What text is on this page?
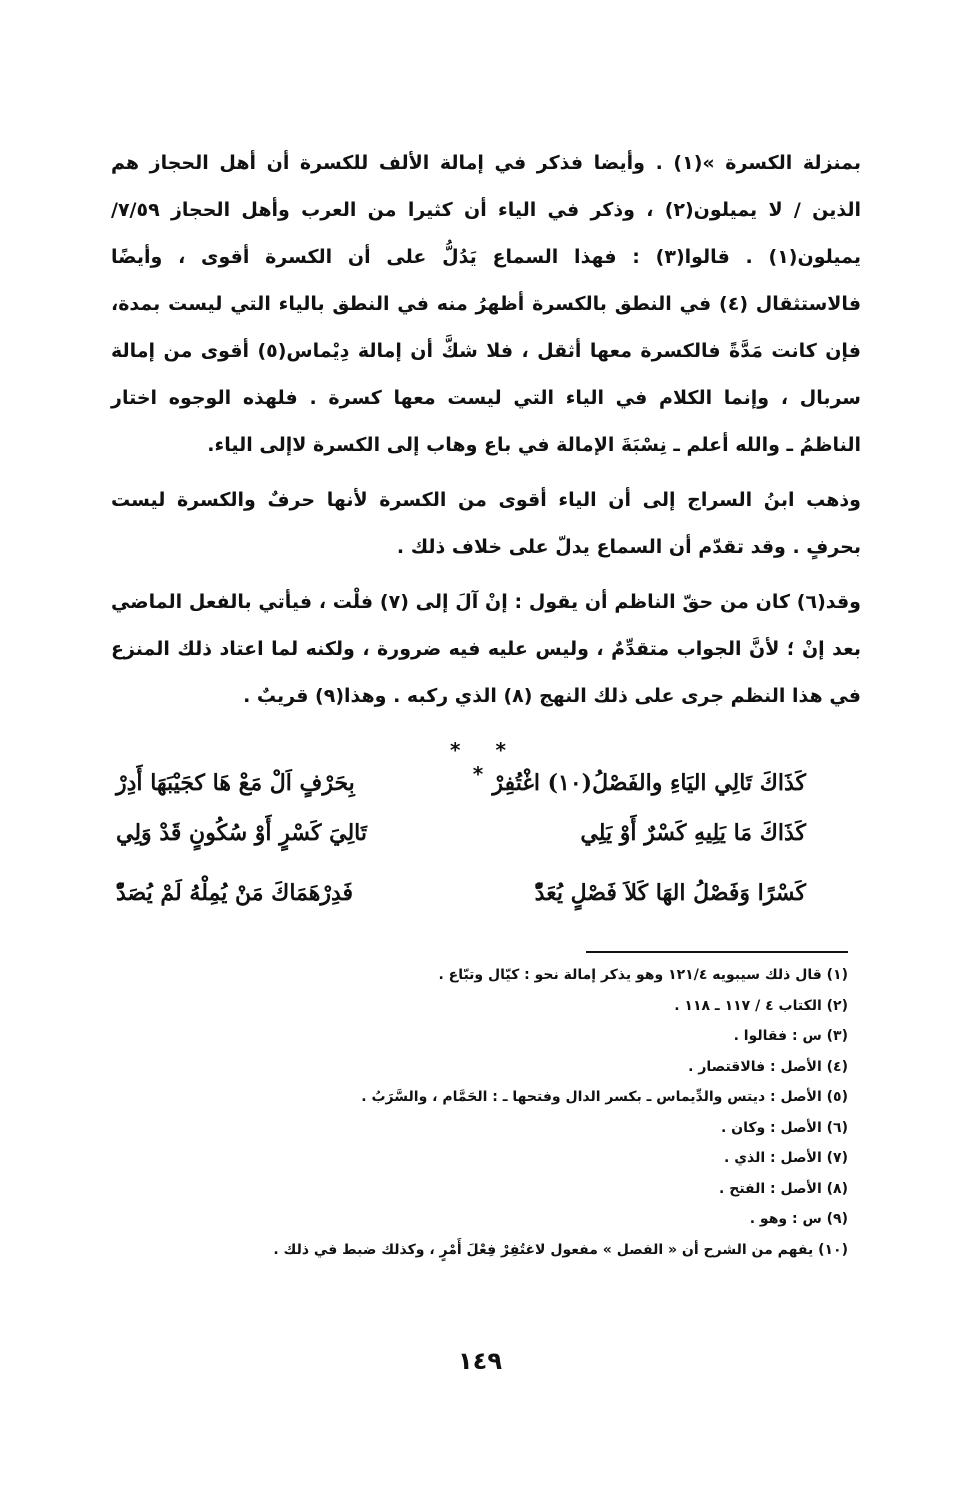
بمنزلة الكسرة »(١) . وأيضا فذكر في إمالة الألف للكسرة أن أهل الحجاز هم الذين / لا يميلون(٢) ، وذكر في الياء أن كثيرا من العرب وأهل الحجاز ٧/٥٩/ يميلون(١) . قالوا(٣) : فهذا السماع يَدُلُّ على أن الكسرة أقوى ، وأيضًا فالاستثقال (٤) في النطق بالكسرة أظهرُ منه في النطق بالياء التي ليست بمدة، فإن كانت مَدَّةً فالكسرة معها أثقل ، فلا شكَّ أن إمالة دِيْماس(٥) أقوى من إمالة سربال ، وإنما الكلام في الياء التي ليست معها كسرة . فلهذه الوجوه اختار الناظمُ ـ والله أعلم ـ نِسْبَةَ الإمالة في باع وهاب إلى الكسرة لاإلى الياء.

وذهب ابنُ السراج إلى أن الياء أقوى من الكسرة لأنها حرفٌ والكسرة ليست بحرفٍ . وقد تقدّم أن السماع يدلّ على خلاف ذلك .

وقد(٦) كان من حقّ الناظم أن يقول : إنْ آلَ إلى (٧) فلْت ، فيأتي بالفعل الماضي بعد إنْ ؛ لأنَّ الجواب متقدِّمٌ ، وليس عليه فيه ضرورة ، ولكنه لما اعتاد ذلك المنزع في هذا النظم جرى على ذلك النهج (٨) الذي ركبه . وهذا(٩) قريبٌ .

* * *
كَذَاكَ تَالِي اليَاءِ والفَصْلُ(١٠) اغْتُفِرْ
بِحَرْفٍ اَلْ مَعْ هَا كجَيْبَهَا أَدِرْ
كَذَاكَ مَا يَلِيهِ كَسْرٌ أَوْ يَلِي
تَالِيَ كَسْرٍ أَوْ سُكُونٍ قَدْ وَلِي
كَسْرًا وَفَصْلُ الهَا كَلاَ فَصْلٍ يُعَدّْ
فَدِرْهَمَاكَ مَنْ يُمِلْهُ لَمْ يُصَدّْ
(١) قال ذلك سيبويه ١٢١/٤ وهو يذكر إمالة نحو : كيّال وتبّاع .
(٢) الكتاب ٤ / ١١٧ ـ ١١٨ .
(٣) س : فقالوا .
(٤) الأصل : فالاقتصار .
(٥) الأصل : ديتس والدِّيماس ـ بكسر الدال وفتحها ـ : الحَمَّام ، والسَّرَبُ .
(٦) الأصل : وكان .
(٧) الأصل : الذي .
(٨) الأصل : الفتح .
(٩) س : وهو .
(١٠) يفهم من الشرح أن « الفصل » مفعول لاغتُفِرْ فِعْلَ أَمْرٍ ، وكذلك ضبط في ذلك .
١٤٩
